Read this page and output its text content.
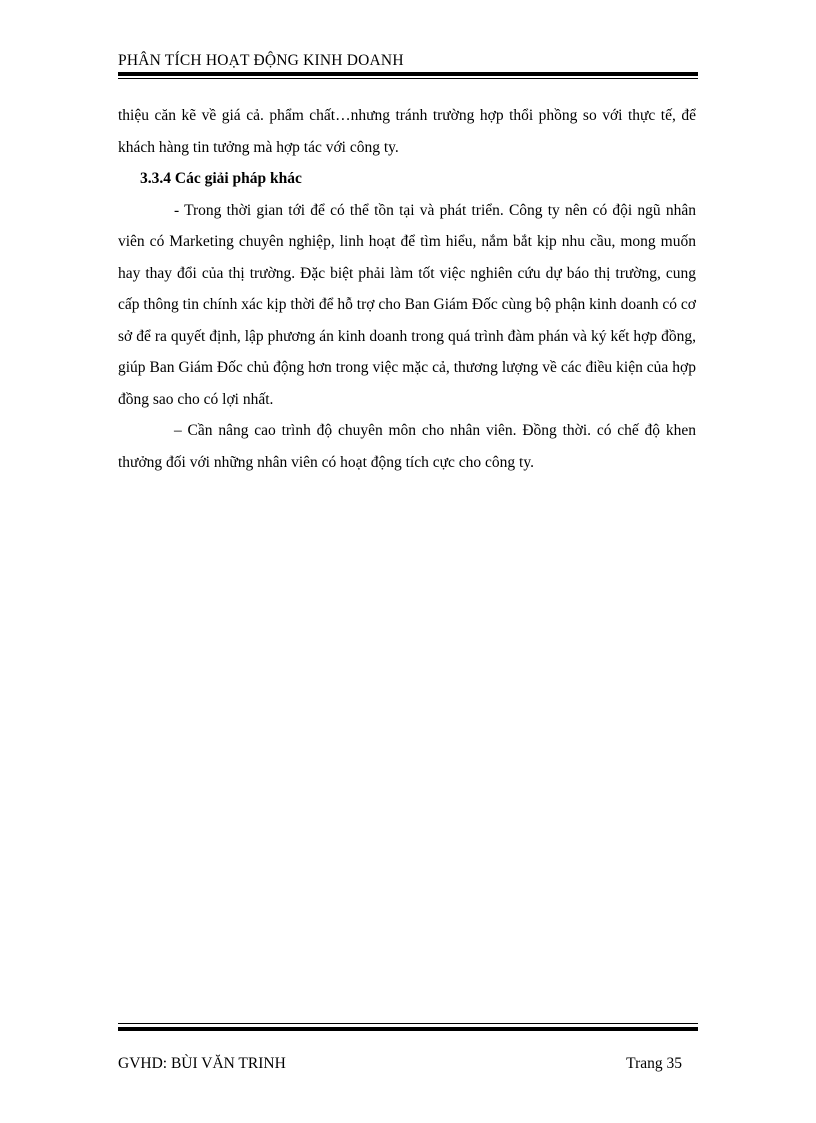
PHÂN TÍCH HOẠT ĐỘNG KINH DOANH

thiệu căn kẽ về giá cả. phẩm chất…nhưng tránh trường hợp thổi phồng so với thực tế, để khách hàng tin tưởng mà hợp tác với công ty.

3.3.4 Các giải pháp khác

- Trong thời gian tới để có thể tồn tại và phát triển. Công ty nên có đội ngũ nhân viên có Marketing chuyên nghiệp, linh hoạt để tìm hiểu, nắm bắt kịp nhu cầu, mong muốn hay thay đổi của thị trường. Đặc biệt phải làm tốt việc nghiên cứu dự báo thị trường, cung cấp thông tin chính xác kịp thời để hỗ trợ cho Ban Giám Đốc cùng bộ phận kinh doanh có cơ sở để ra quyết định, lập phương án kinh doanh trong quá trình đàm phán và ký kết hợp đồng, giúp Ban Giám Đốc chủ động hơn trong việc mặc cả, thương lượng về các điều kiện của hợp đồng sao cho có lợi nhất.

– Cần nâng cao trình độ chuyên môn cho nhân viên. Đồng thời. có chế độ khen thưởng đối với những nhân viên có hoạt động tích cực cho công ty.

GVHD: BÙI VĂN TRINH	Trang 35
